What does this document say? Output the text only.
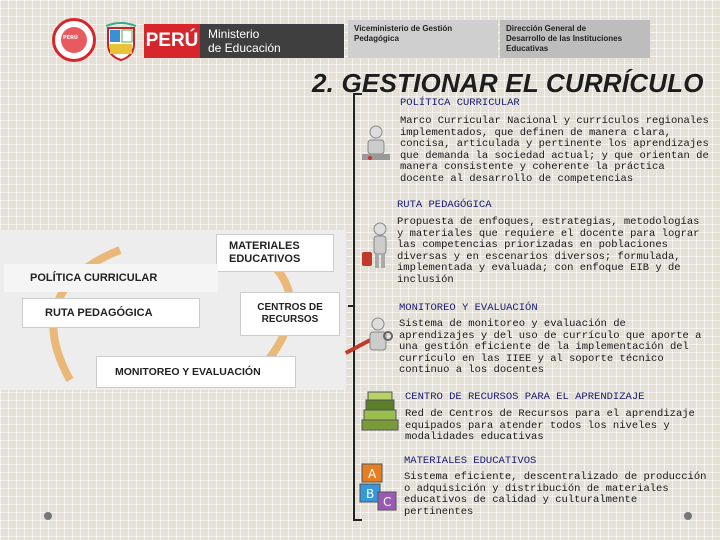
PERÚ	PERÚ Ministerio
de Educación
Viceministerio de Gestión
Pedagógica
Dirección General de
Desarrollo de las Instituciones
Educativas
2. GESTIONAR EL CURRÍCULO
MATERIALES
EDUCATIVOS
POLÍTICA CURRICULAR
RUTA PEDAGÓGICA	CENTROS DE
RECURSOS
MONITOREO Y EVALUACIÓN
POLÍTICA CURRICULAR
Marco Curricular Nacional y currículos regionales
implementados, que definen de manera clara,
concisa, articulada y pertinente los aprendizajes
que demanda la sociedad actual; y que orientan de
manera consistente y coherente la práctica
docente al desarrollo de competencias
RUTA PEDAGÓGICA
Propuesta de enfoques, estrategias, metodologías
y materiales que requiere el docente para lograr
las competencias priorizadas en poblaciones
diversas y en escenarios diversos; formulada,
implementada y evaluada; con enfoque EIB y de
inclusión
MONITOREO Y EVALUACIÓN
Sistema de monitoreo y evaluación de
aprendizajes y del uso de currículo que aporte a
una gestión eficiente de la implementación del
currículo en las IIEE y al soporte técnico
continuo a los docentes
CENTRO DE RECURSOS PARA EL APRENDIZAJE
Red de Centros de Recursos para el aprendizaje
equipados para atender todos los niveles y
modalidades educativas
A
B
C
MATERIALES EDUCATIVOS
Sistema eficiente, descentralizado de producción
o adquisición y distribución de materiales
educativos de calidad y culturalmente
pertinentes
